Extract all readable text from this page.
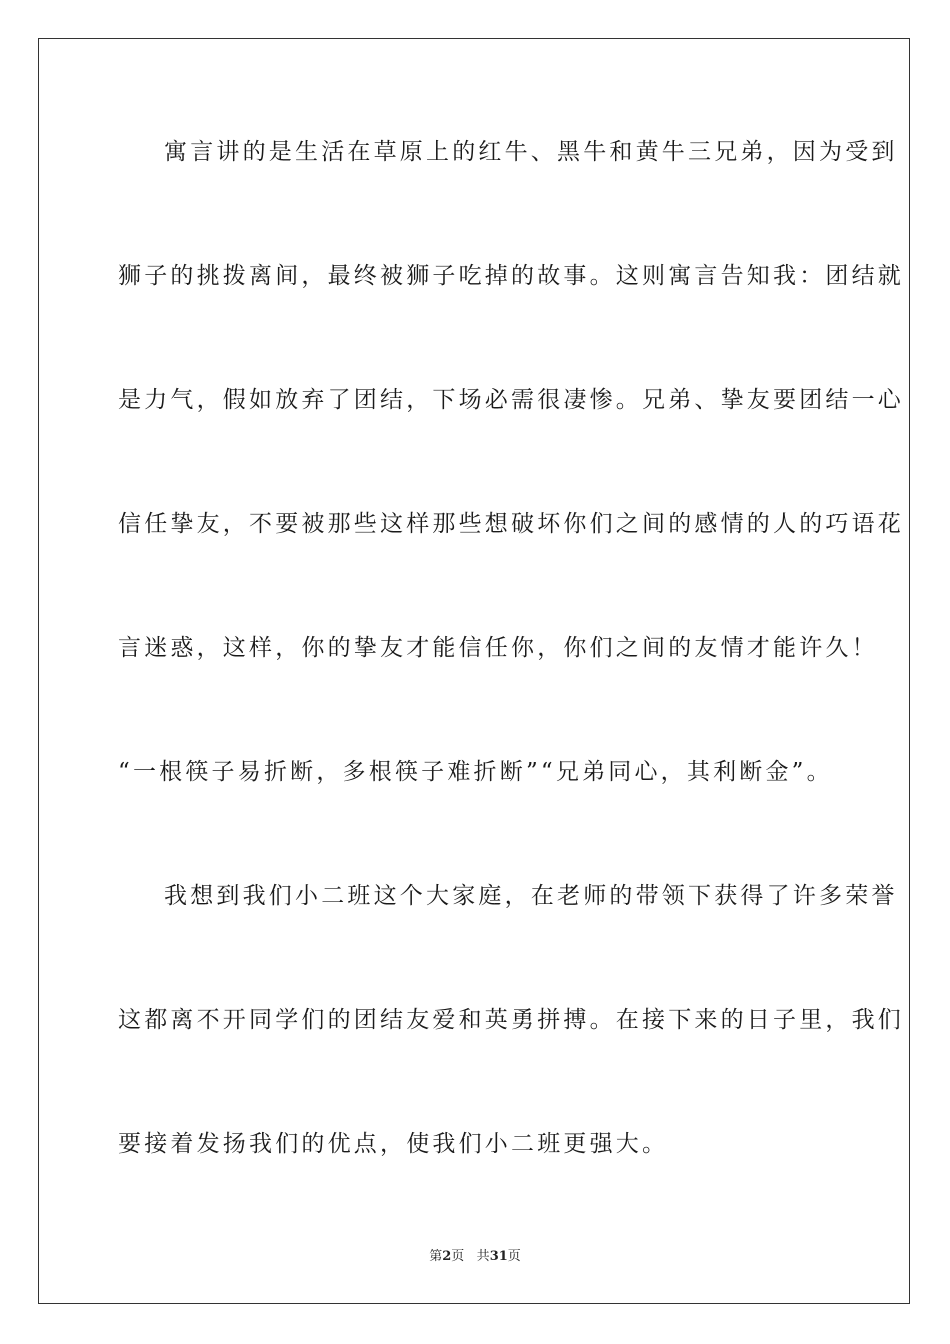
寓言讲的是生活在草原上的红牛、黑牛和黄牛三兄弟，因为受到
狮子的挑拨离间，最终被狮子吃掉的故事。这则寓言告知我：团结就
是力气，假如放弃了团结，下场必需很凄惨。兄弟、挚友要团结一心
信任挚友，不要被那些这样那些想破坏你们之间的感情的人的巧语花
言迷惑，这样，你的挚友才能信任你，你们之间的友情才能许久！
“一根筷子易折断，多根筷子难折断”“兄弟同心，其利断金”。
我想到我们小二班这个大家庭，在老师的带领下获得了许多荣誉
这都离不开同学们的团结友爱和英勇拼搏。在接下来的日子里，我们
要接着发扬我们的优点，使我们小二班更强大。
第2页 共31页
